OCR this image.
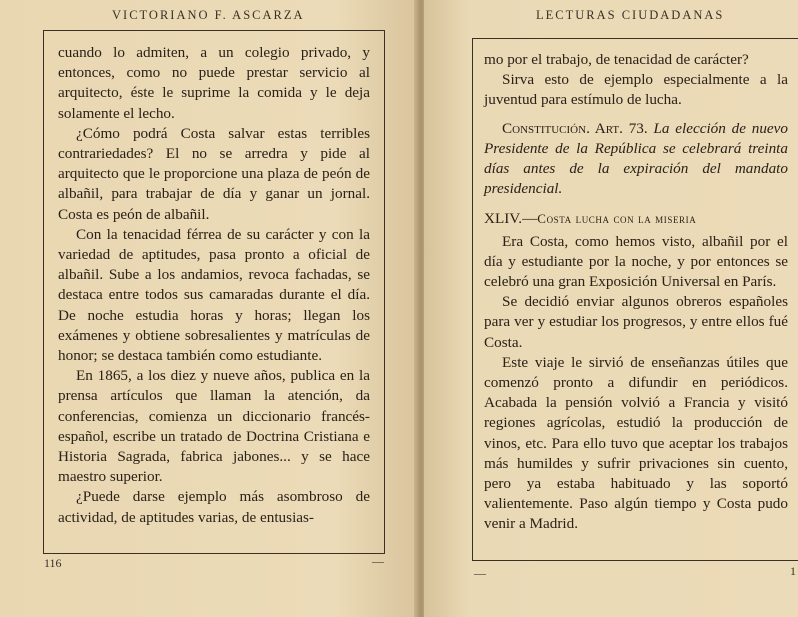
VICTORIANO F. ASCARZA

cuando lo admiten, a un colegio privado, y entonces, como no puede prestar servicio al arquitecto, éste le suprime la comida y le deja solamente el lecho.

¿Cómo podrá Costa salvar estas terribles contrariedades? El no se arredra y pide al arquitecto que le proporcione una plaza de peón de albañil, para trabajar de día y ganar un jornal. Costa es peón de albañil.

Con la tenacidad férrea de su carácter y con la variedad de aptitudes, pasa pronto a oficial de albañil. Sube a los andamios, revoca fachadas, se destaca entre todos sus camaradas durante el día. De noche estudia horas y horas; llegan los exámenes y obtiene sobresalientes y matrículas de honor; se destaca también como estudiante.

En 1865, a los diez y nueve años, publica en la prensa artículos que llaman la atención, da conferencias, comienza un diccionario francés-español, escribe un tratado de Doctrina Cristiana e Historia Sagrada, fabrica jabones... y se hace maestro superior.

¿Puede darse ejemplo más asombroso de actividad, de aptitudes varias, de entusias-

116	—
LECTURAS CIUDADANAS

mo por el trabajo, de tenacidad de carácter?

Sirva esto de ejemplo especialmente a la juventud para estímulo de lucha.

Constitución. Art. 73. La elección de nuevo Presidente de la República se celebrará treinta días antes de la expiración del mandato presidencial.

XLIV.—Costa lucha con la miseria

Era Costa, como hemos visto, albañil por el día y estudiante por la noche, y por entonces se celebró una gran Exposición Universal en París.

Se decidió enviar algunos obreros españoles para ver y estudiar los progresos, y entre ellos fué Costa.

Este viaje le sirvió de enseñanzas útiles que comenzó pronto a difundir en periódicos. Acabada la pensión volvió a Francia y visitó regiones agrícolas, estudió la producción de vinos, etc. Para ello tuvo que aceptar los trabajos más humildes y sufrir privaciones sin cuento, pero ya estaba habituado y las soportó valientemente. Paso algún tiempo y Costa pudo venir a Madrid.

—	1
